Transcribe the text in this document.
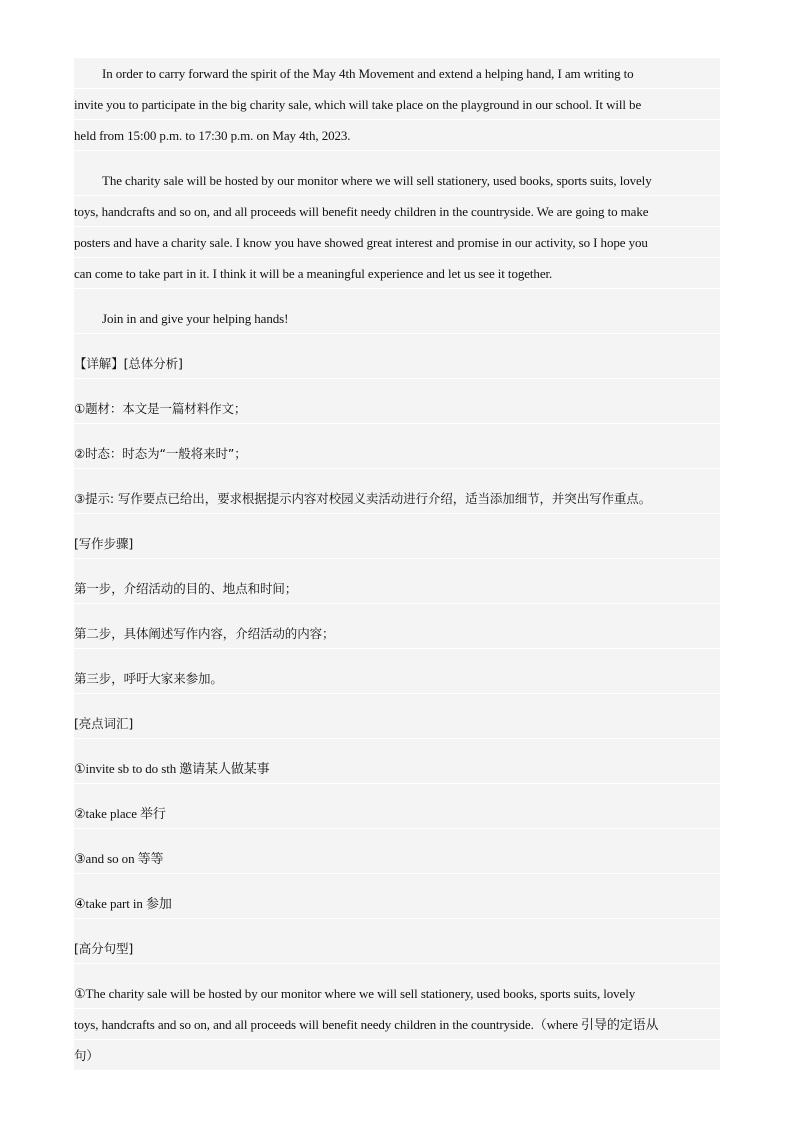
In order to carry forward the spirit of the May 4th Movement and extend a helping hand, I am writing to
invite you to participate in the big charity sale, which will take place on the playground in our school. It will be
held from 15:00 p.m. to 17:30 p.m. on May 4th, 2023.
The charity sale will be hosted by our monitor where we will sell stationery, used books, sports suits, lovely
toys, handcrafts and so on, and all proceeds will benefit needy children in the countryside. We are going to make
posters and have a charity sale. I know you have showed great interest and promise in our activity, so I hope you
can come to take part in it. I think it will be a meaningful experience and let us see it together.
Join in and give your helping hands!
【详解】[总体分析]
①题材：本文是一篇材料作文；
②时态：时态为“一般将来时”；
③提示: 写作要点已给出，要求根据提示内容对校园义卖活动进行介绍，适当添加细节，并突出写作重点。
[写作步骤]
第一步，介绍活动的目的、地点和时间；
第二步，具体阐述写作内容，介绍活动的内容；
第三步，呼吁大家来参加。
[亮点词汇]
①invite sb to do sth 邀请某人做某事
②take place 举行
③and so on 等等
④take part in 参加
[高分句型]
①The charity sale will be hosted by our monitor where we will sell stationery, used books, sports suits, lovely
toys, handcrafts and so on, and all proceeds will benefit needy children in the countryside.（where 引导的定语从
句）
